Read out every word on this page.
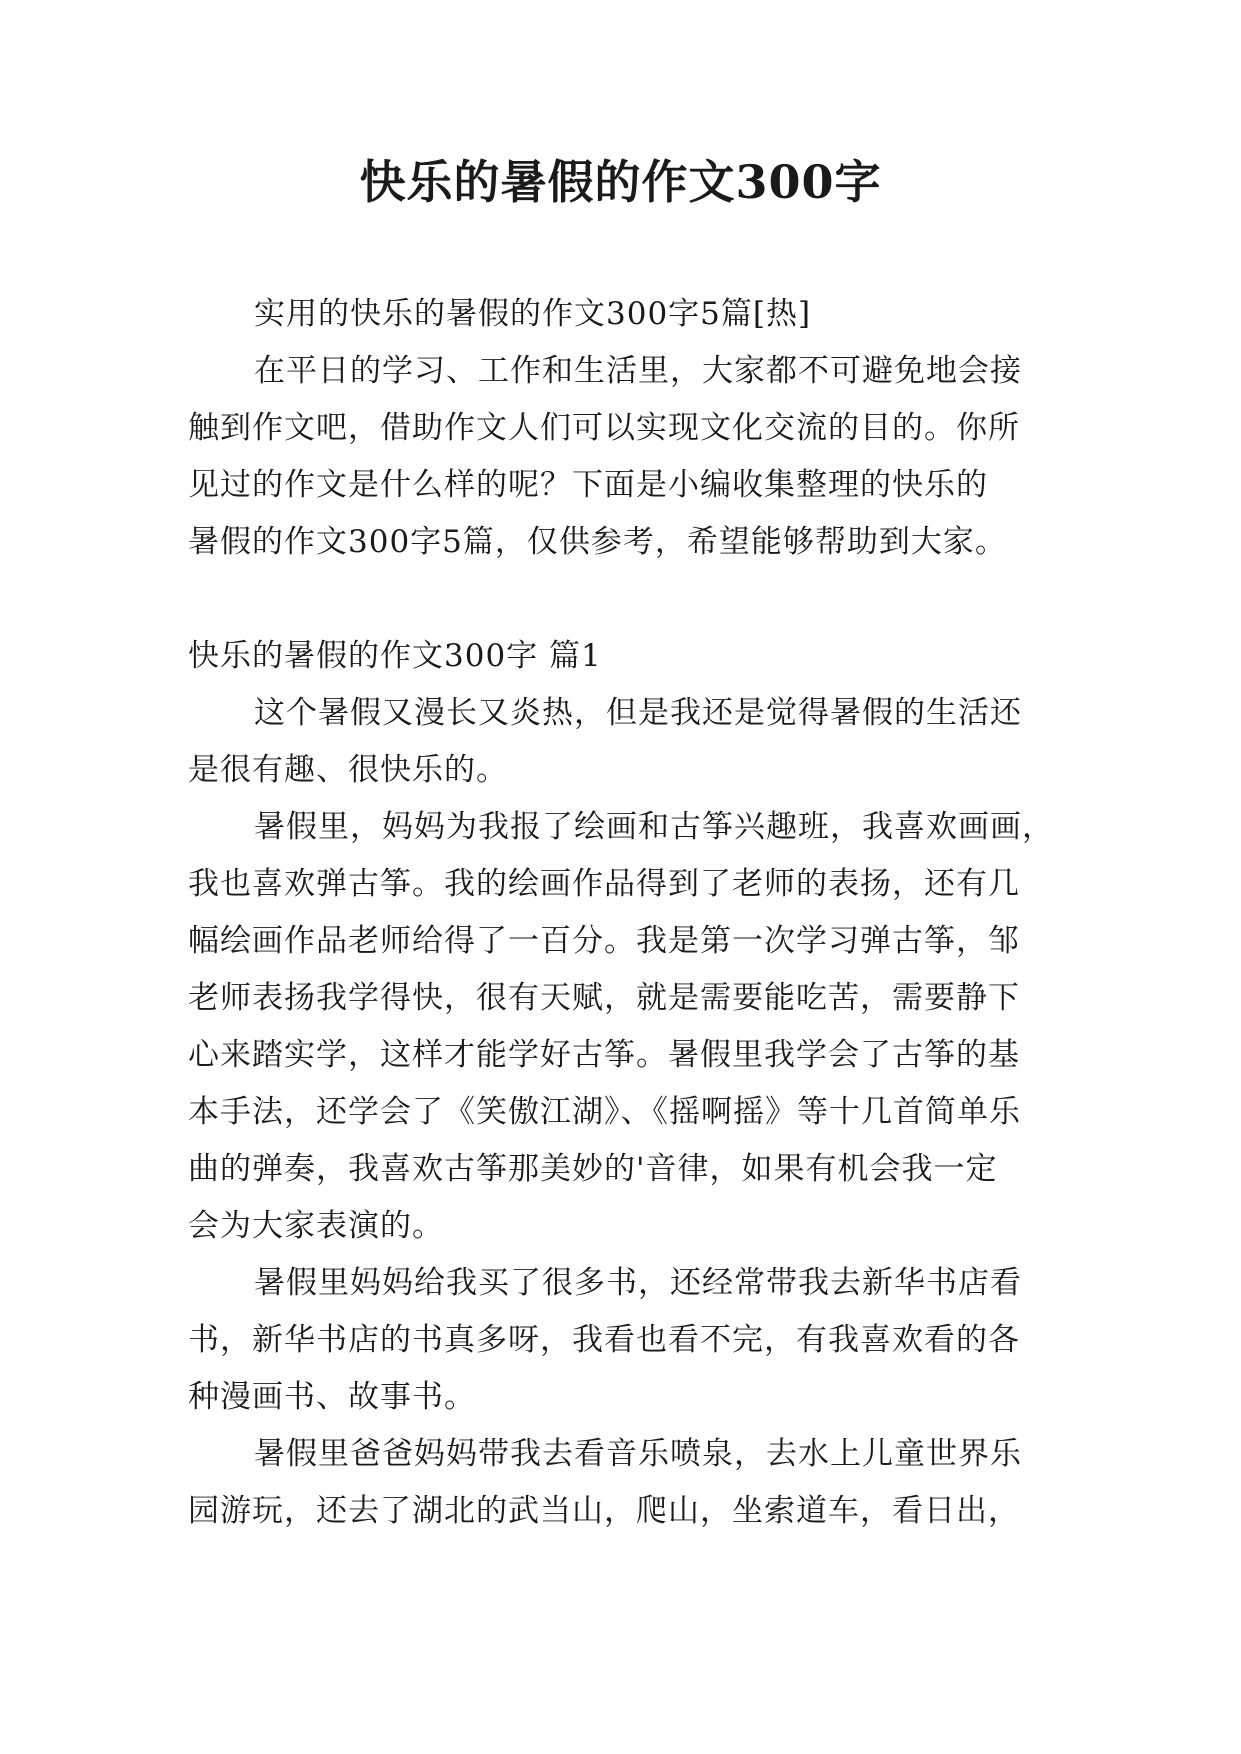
快乐的暑假的作文300字
实用的快乐的暑假的作文300字5篇[热]
在平日的学习、工作和生活里，大家都不可避免地会接
触到作文吧，借助作文人们可以实现文化交流的目的。你所
见过的作文是什么样的呢？下面是小编收集整理的快乐的
暑假的作文300字5篇，仅供参考，希望能够帮助到大家。
快乐的暑假的作文300字 篇1
这个暑假又漫长又炎热，但是我还是觉得暑假的生活还
是很有趣、很快乐的。
暑假里，妈妈为我报了绘画和古筝兴趣班，我喜欢画画，
我也喜欢弹古筝。我的绘画作品得到了老师的表扬，还有几
幅绘画作品老师给得了一百分。我是第一次学习弹古筝，邹
老师表扬我学得快，很有天赋，就是需要能吃苦，需要静下
心来踏实学，这样才能学好古筝。暑假里我学会了古筝的基
本手法，还学会了《笑傲江湖》、《摇啊摇》等十几首简单乐
曲的弹奏，我喜欢古筝那美妙的'音律，如果有机会我一定
会为大家表演的。
暑假里妈妈给我买了很多书，还经常带我去新华书店看
书，新华书店的书真多呀，我看也看不完，有我喜欢看的各
种漫画书、故事书。
暑假里爸爸妈妈带我去看音乐喷泉，去水上儿童世界乐
园游玩，还去了湖北的武当山，爬山，坐索道车，看日出，
